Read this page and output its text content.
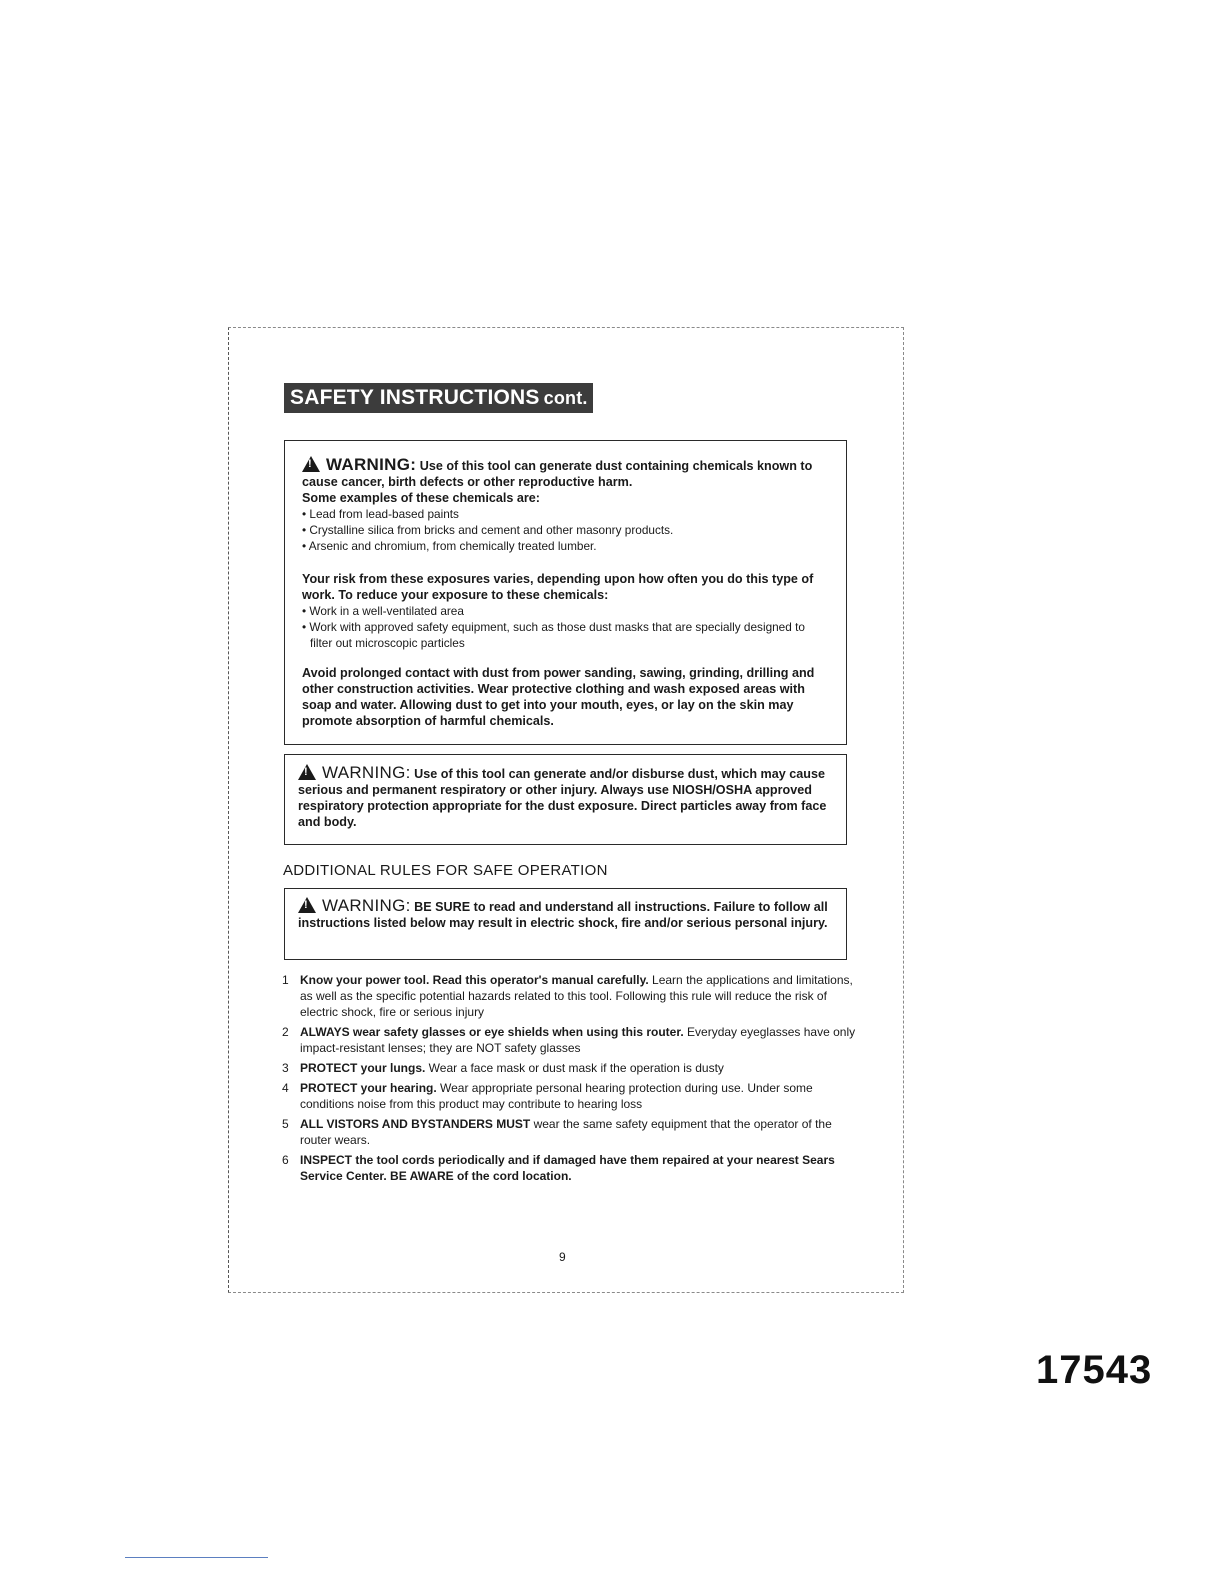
SAFETY INSTRUCTIONS cont.
!WARNING: Use of this tool can generate dust containing chemicals known to cause cancer, birth defects or other reproductive harm.

Some examples of these chemicals are:

• Lead from lead-based paints

• Crystalline silica from bricks and cement and other masonry products.

• Arsenic and chromium, from chemically treated lumber.

Your risk from these exposures varies, depending upon how often you do this type of work. To reduce your exposure to these chemicals:

• Work in a well-ventilated area

• Work with approved safety equipment, such as those dust masks that are specially designed to filter out microscopic particles

Avoid prolonged contact with dust from power sanding, sawing, grinding, drilling and other construction activities. Wear protective clothing and wash exposed areas with soap and water. Allowing dust to get into your mouth, eyes, or lay on the skin may promote absorption of harmful chemicals.

!WARNING: Use of this tool can generate and/or disburse dust, which may cause serious and permanent respiratory or other injury. Always use NIOSH/OSHA approved respiratory protection appropriate for the dust exposure. Direct particles away from face and body.
ADDITIONAL RULES FOR SAFE OPERATION
!WARNING: BE SURE to read and understand all instructions. Failure to follow all instructions listed below may result in electric shock, fire and/or serious personal injury.
1 Know your power tool. Read this operator's manual carefully. Learn the applications and limitations, as well as the specific potential hazards related to this tool. Following this rule will reduce the risk of electric shock, fire or serious injury
2 ALWAYS wear safety glasses or eye shields when using this router. Everyday eyeglasses have only impact-resistant lenses; they are NOT safety glasses
3 PROTECT your lungs. Wear a face mask or dust mask if the operation is dusty
4 PROTECT your hearing. Wear appropriate personal hearing protection during use. Under some conditions noise from this product may contribute to hearing loss
5 ALL VISTORS AND BYSTANDERS MUST wear the same safety equipment that the operator of the router wears.
6 INSPECT the tool cords periodically and if damaged have them repaired at your nearest Sears Service Center. BE AWARE of the cord location.
9
17543
